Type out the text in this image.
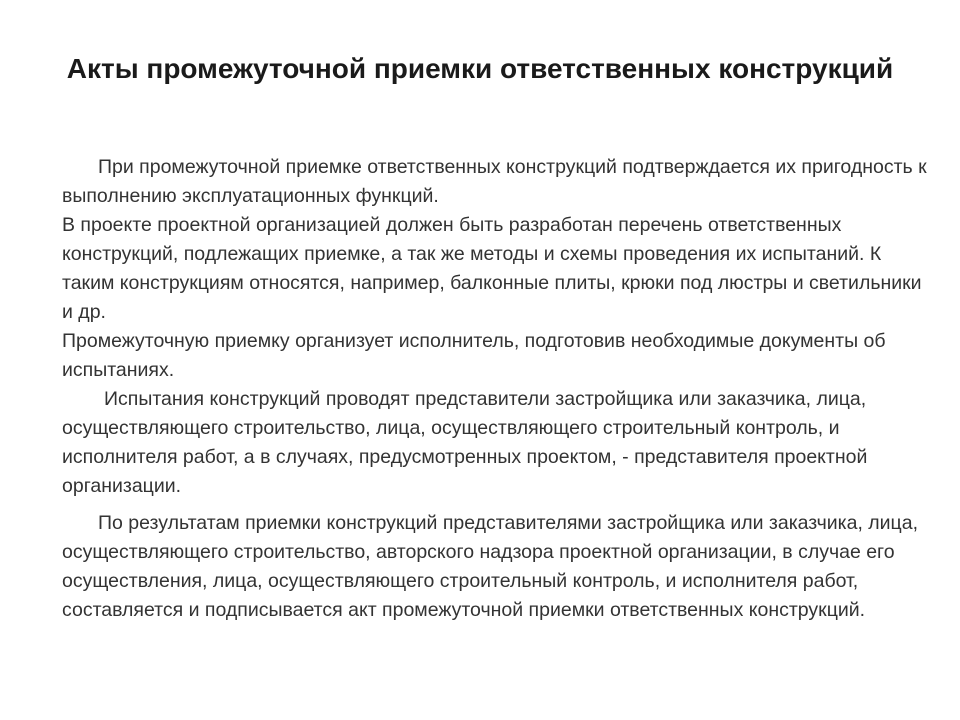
Акты промежуточной приемки ответственных конструкций

При промежуточной приемке ответственных конструкций подтверждается их пригодность к выполнению эксплуатационных функций.

В проекте проектной организацией должен быть разработан перечень ответственных конструкций, подлежащих приемке, а так же методы и схемы проведения их испытаний. К таким конструкциям относятся, например, балконные плиты, крюки под люстры и светильники и др.

Промежуточную приемку организует исполнитель, подготовив необходимые документы об испытаниях.

Испытания конструкций проводят представители застройщика или заказчика, лица, осуществляющего строительство, лица, осуществляющего строительный контроль, и исполнителя работ, а в случаях, предусмотренных проектом, - представителя проектной организации.

По результатам приемки конструкций представителями застройщика или заказчика, лица, осуществляющего строительство, авторского надзора проектной организации, в случае его осуществления, лица, осуществляющего строительный контроль, и исполнителя работ, составляется и подписывается акт промежуточной приемки ответственных конструкций.
